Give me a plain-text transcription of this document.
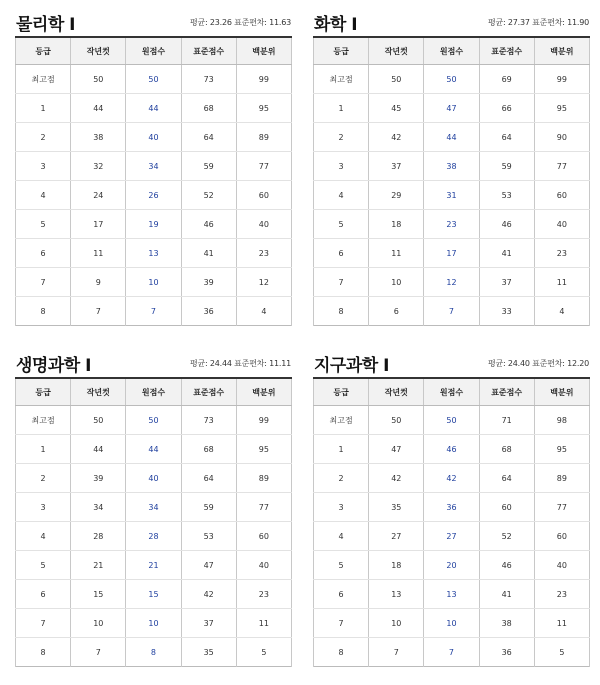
물리학 Ⅰ	평균: 23.26 표준편차: 11.63
등급	작년컷	원점수	표준점수	백분위
최고점	50	50	73	99
1	44	44	68	95
2	38	40	64	89
3	32	34	59	77
4	24	26	52	60
5	17	19	46	40
6	11	13	41	23
7	9	10	39	12
8	7	7	36	4
화학 Ⅰ	평균: 27.37 표준편차: 11.90
등급	작년컷	원점수	표준점수	백분위
최고점	50	50	69	99
1	45	47	66	95
2	42	44	64	90
3	37	38	59	77
4	29	31	53	60
5	18	23	46	40
6	11	17	41	23
7	10	12	37	11
8	6	7	33	4
생명과학 Ⅰ	평균: 24.44 표준편차: 11.11
등급	작년컷	원점수	표준점수	백분위
최고점	50	50	73	99
1	44	44	68	95
2	39	40	64	89
3	34	34	59	77
4	28	28	53	60
5	21	21	47	40
6	15	15	42	23
7	10	10	37	11
8	7	8	35	5
지구과학 Ⅰ	평균: 24.40 표준편차: 12.20
등급	작년컷	원점수	표준점수	백분위
최고점	50	50	71	98
1	47	46	68	95
2	42	42	64	89
3	35	36	60	77
4	27	27	52	60
5	18	20	46	40
6	13	13	41	23
7	10	10	38	11
8	7	7	36	5
